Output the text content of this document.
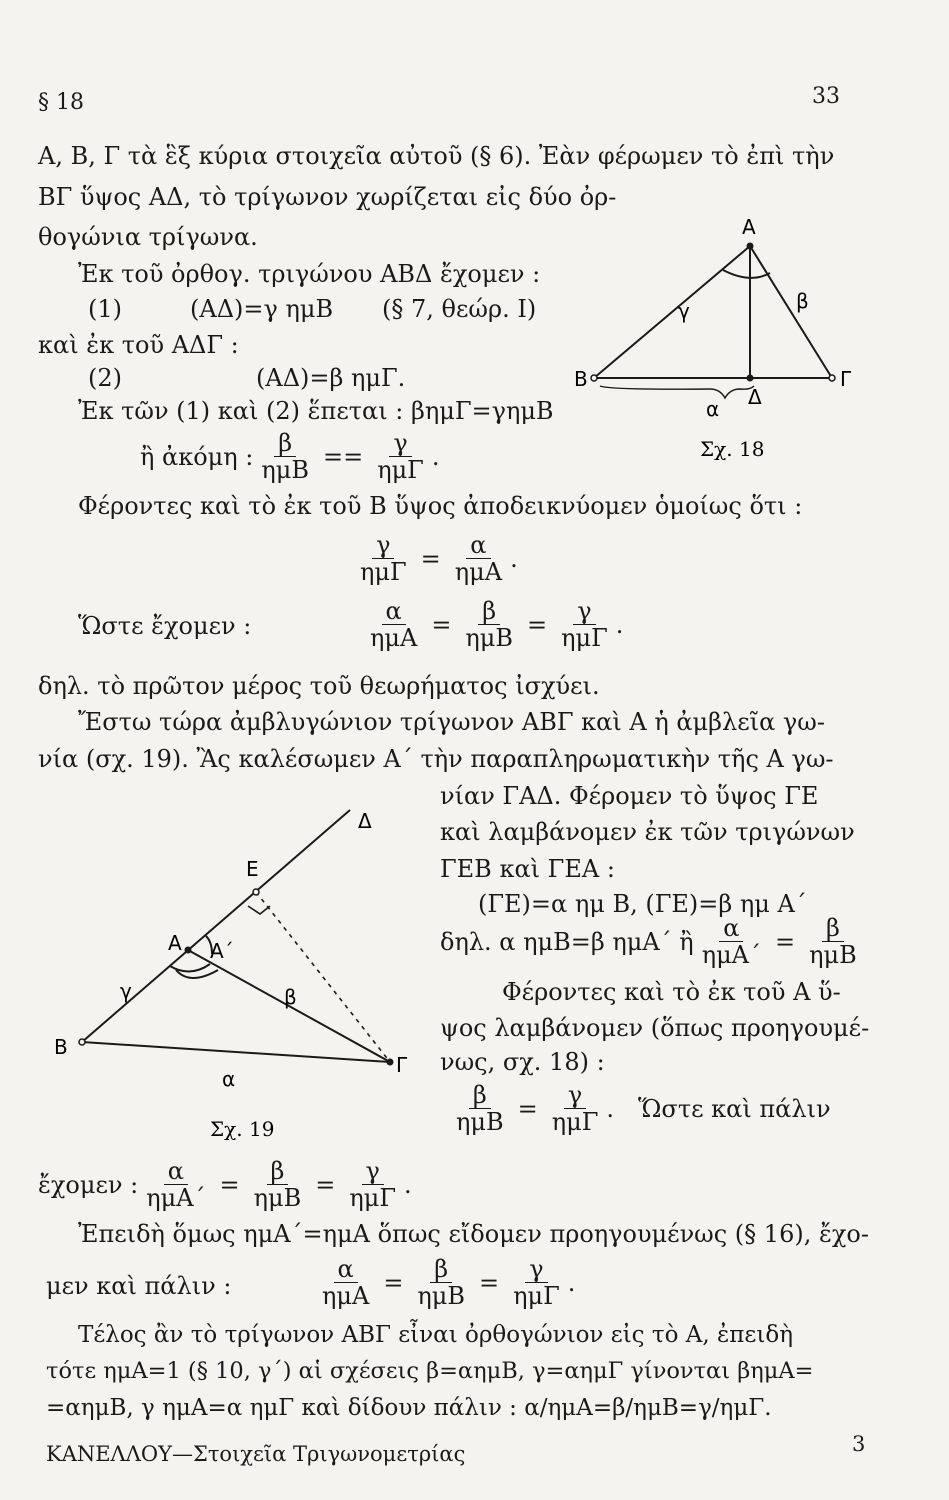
§ 18	33
A, B, Γ τὰ ἓξ κύρια στοιχεῖα αὐτοῦ (§ 6). Ἐὰν φέρωμεν τὸ ἐπὶ τὴν
ΒΓ ὕψος ΑΔ, τὸ τρίγωνον χωρίζεται εἰς δύο ὀρ-
θογώνια τρίγωνα.
Ἐκ τοῦ ὀρθογ. τριγώνου ΑΒΔ ἔχομεν :
(1)	(ΑΔ)=γ ημΒ (§ 7, θεώρ. Ι)
καὶ ἐκ τοῦ ΑΔΓ :
(2)	(ΑΔ)=β ημΓ.
Ἐκ τῶν (1) καὶ (2) ἕπεται : βημΓ=γημΒ
ἢ ἀκόμη : $\frac{\beta}{\text{ημΒ}} == \frac{\gamma}{\text{ημΓ}}$ .
Φέροντες καὶ τὸ ἐκ τοῦ Β ὕψος ἀποδεικνύομεν ὁμοίως ὅτι :
$\frac{\gamma}{\text{ημΓ}} = \frac{\alpha}{\text{ημΑ}}$ .
Ὥστε ἔχομεν :	$\frac{\alpha}{\text{ημΑ}} = \frac{\beta}{\text{ημΒ}} = \frac{\gamma}{\text{ημΓ}}$ .
δηλ. τὸ πρῶτον μέρος τοῦ θεωρήματος ἰσχύει.
Ἔστω τώρα ἀμβλυγώνιον τρίγωνον ΑΒΓ καὶ Α ἡ ἀμβλεῖα γω-
νία (σχ. 19). Ἂς καλέσωμεν Α΄ τὴν παραπληρωματικὴν τῆς Α γω-
νίαν ΓΑΔ. Φέρομεν τὸ ὕψος ΓΕ
καὶ λαμβάνομεν ἐκ τῶν τριγώνων
ΓΕΒ καὶ ΓΕΑ :
(ΓΕ)=α ημ Β, (ΓΕ)=β ημ Α΄
δηλ. α ημΒ=β ημΑ΄ ἢ $\frac{\alpha}{\text{ημΑ΄}} = \frac{\beta}{\text{ημΒ}}$
Φέροντες καὶ τὸ ἐκ τοῦ Α ὕ-
ψος λαμβάνομεν (ὅπως προηγουμέ-
νως, σχ. 18) :
$\frac{\beta}{\text{ημΒ}} = \frac{\gamma}{\text{ημΓ}}$ . Ὥστε καὶ πάλιν
ἔχομεν : $\frac{\alpha}{\text{ημΑ΄}} = \frac{\beta}{\text{ημΒ}} = \frac{\gamma}{\text{ημΓ}}$ .
Ἐπειδὴ ὅμως ημΑ΄=ημΑ ὅπως εἴδομεν προηγουμένως (§ 16), ἔχο-
μεν καὶ πάλιν :	$\frac{\alpha}{\text{ημΑ}} = \frac{\beta}{\text{ημΒ}} = \frac{\gamma}{\text{ημΓ}}$ .
Τέλος ἂν τὸ τρίγωνον ΑΒΓ εἶναι ὀρθογώνιον εἰς τὸ Α, ἐπειδὴ
τότε ημΑ=1 (§ 10, γ΄) αἱ σχέσεις β=αημΒ, γ=αημΓ γίνονται βημΑ=
=αημΒ, γ ημΑ=α ημΓ καὶ δίδουν πάλιν : α/ημΑ=β/ημΒ=γ/ημΓ.
ΚΑΝΕΛΛΟΥ—Στοιχεῖα Τριγωνομετρίας	3
Α
Β	Γ
Δ
α
β
γ
Σχ. 18
Δ
Ε
Α Α΄
Β
Γ
γ	β
α
Σχ. 19
